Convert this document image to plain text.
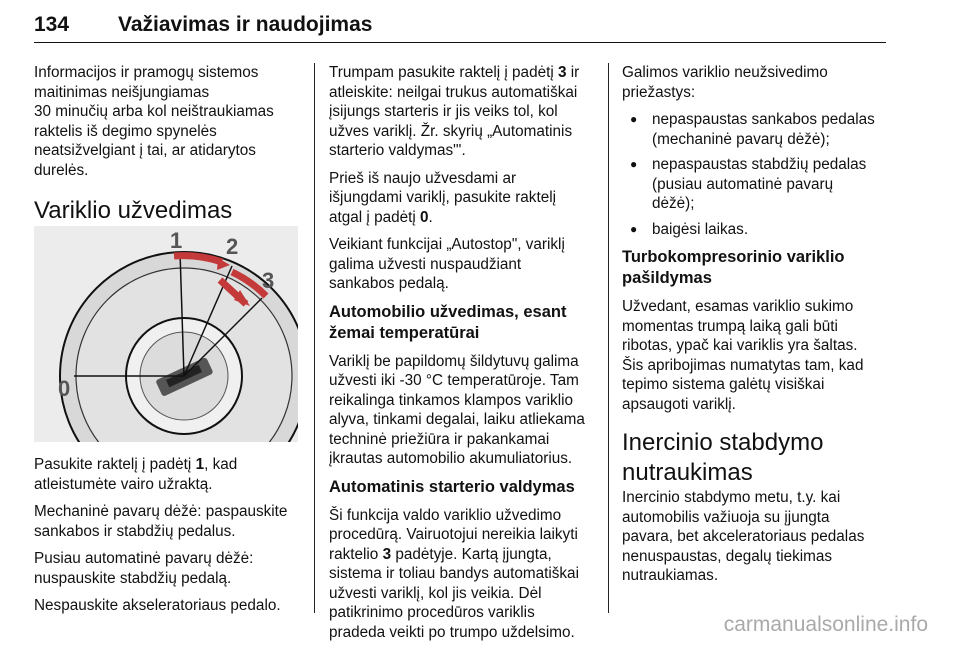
134 Važiavimas ir naudojimas

Informacijos ir pramogų sistemos
maitinimas neišjungiamas
30 minučių arba kol neištraukiamas
raktelis iš degimo spynelės
neatsižvelgiant į tai, ar atidarytos
durelės.

Variklio užvedimas
0
1 2
3

Pasukite raktelį į padėtį 1, kad
atleistumėte vairo užraktą.

Mechaninė pavarų dėžė: paspauskite
sankabos ir stabdžių pedalus.

Pusiau automatinė pavarų dėžė:
nuspauskite stabdžių pedalą.

Nespauskite akseleratoriaus pedalo.

Trumpam pasukite raktelį į padėtį 3 ir
atleiskite: neilgai trukus automatiškai
įsijungs starteris ir jis veiks tol, kol
užves variklį. Žr. skyrių „Automatinis
starterio valdymas"'.

Prieš iš naujo užvesdami ar
išjungdami variklį, pasukite raktelį
atgal į padėtį 0.

Veikiant funkcijai „Autostop", variklį
galima užvesti nuspaudžiant
sankabos pedalą.

Automobilio užvedimas, esant
žemai temperatūrai

Variklį be papildomų šildytuvų galima
užvesti iki -30 °C temperatūroje. Tam
reikalinga tinkamos klampos variklio
alyva, tinkami degalai, laiku atliekama
techninė priežiūra ir pakankamai
įkrautas automobilio akumuliatorius.

Automatinis starterio valdymas

Ši funkcija valdo variklio užvedimo
procedūrą. Vairuotojui nereikia laikyti
raktelio 3 padėtyje. Kartą įjungta,
sistema ir toliau bandys automatiškai
užvesti variklį, kol jis veikia. Dėl
patikrinimo procedūros variklis
pradeda veikti po trumpo uždelsimo.

Galimos variklio neužsivedimo
priežastys:

● nepaspaustas sankabos pedalas
(mechaninė pavarų dėžė);
● nepaspaustas stabdžių pedalas
(pusiau automatinė pavarų
dėžė);
● baigėsi laikas.
Turbokompresorinio variklio
pašildymas

Užvedant, esamas variklio sukimo
momentas trumpą laiką gali būti
ribotas, ypač kai variklis yra šaltas.
Šis apribojimas numatytas tam, kad
tepimo sistema galėtų visiškai
apsaugoti variklį.

Inercinio stabdymo
nutraukimas

Inercinio stabdymo metu, t.y. kai
automobilis važiuoja su įjungta
pavara, bet akceleratoriaus pedalas
nenuspaustas, degalų tiekimas
nutraukiamas.

carmanualsonline.info
